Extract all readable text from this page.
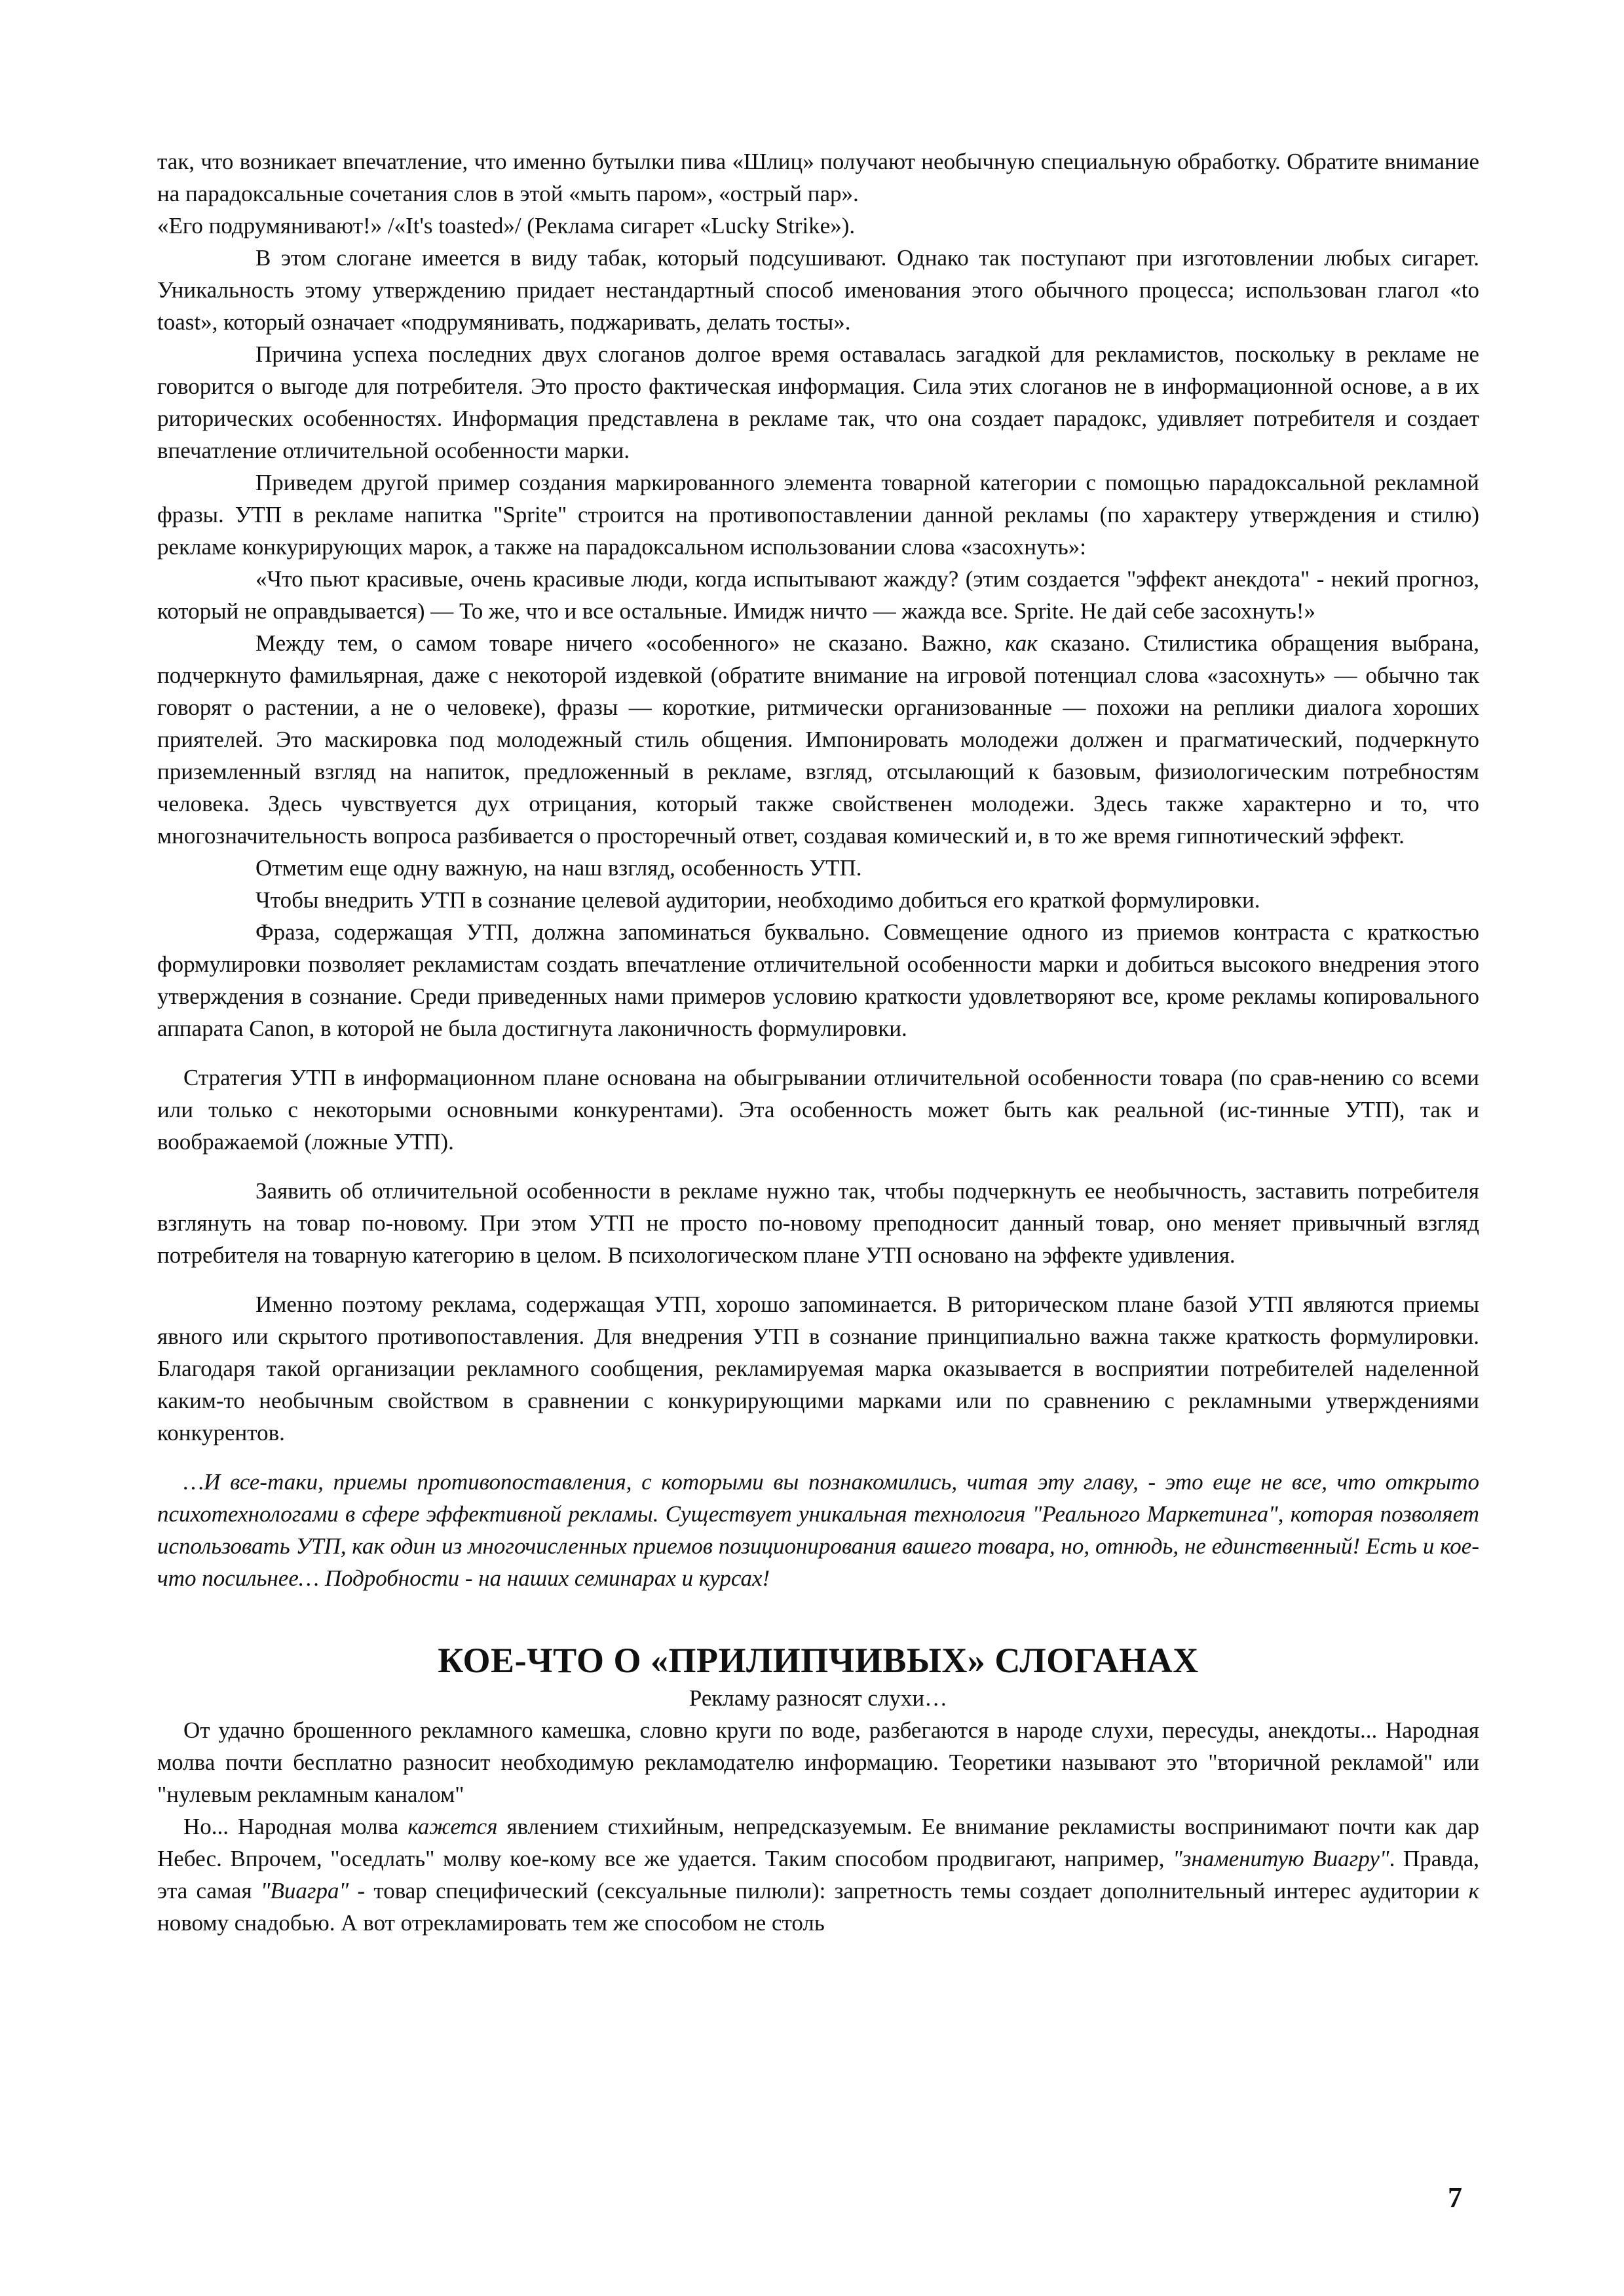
так, что возникает впечатление, что именно бутылки пива «Шлиц» получают необычную специальную обработку. Обратите внимание на парадоксальные сочетания слов в этой «мыть паром», «острый пар».

«Его подрумянивают!» /«It's toasted»/ (Реклама сигарет «Lucky Strike»).

В этом слогане имеется в виду табак, который подсушивают. Однако так поступают при изготовлении любых сигарет. Уникальность этому утверждению придает нестандартный способ именования этого обычного процесса; использован глагол «to toast», который означает «подрумянивать, поджаривать, делать тосты».

Причина успеха последних двух слоганов долгое время оставалась загадкой для рекламистов, поскольку в рекламе не говорится о выгоде для потребителя. Это просто фактическая информация. Сила этих слоганов не в информационной основе, а в их риторических особенностях. Информация представлена в рекламе так, что она создает парадокс, удивляет потребителя и создает впечатление отличительной особенности марки.

Приведем другой пример создания маркированного элемента товарной категории с помощью парадоксальной рекламной фразы. УТП в рекламе напитка "Sprite" строится на противопоставлении данной рекламы (по характеру утверждения и стилю) рекламе конкурирующих марок, а также на парадоксальном использовании слова «засохнуть»:

«Что пьют красивые, очень красивые люди, когда испытывают жажду? (этим создается "эффект анекдота" - некий прогноз, который не оправдывается) — То же, что и все остальные. Имидж ничто — жажда все. Sprite. Не дай себе засохнуть!»

Между тем, о самом товаре ничего «особенного» не сказано. Важно, как сказано. Стилистика обращения выбрана, подчеркнуто фамильярная, даже с некоторой издевкой (обратите внимание на игровой потенциал слова «засохнуть» — обычно так говорят о растении, а не о человеке), фразы — короткие, ритмически организованные — похожи на реплики диалога хороших приятелей. Это маскировка под молодежный стиль общения. Импонировать молодежи должен и прагматический, подчеркнуто приземленный взгляд на напиток, предложенный в рекламе, взгляд, отсылающий к базовым, физиологическим потребностям человека. Здесь чувствуется дух отрицания, который также свойственен молодежи. Здесь также характерно и то, что многозначительность вопроса разбивается о просторечный ответ, создавая комический и, в то же время гипнотический эффект.

Отметим еще одну важную, на наш взгляд, особенность УТП.

Чтобы внедрить УТП в сознание целевой аудитории, необходимо добиться его краткой формулировки.

Фраза, содержащая УТП, должна запоминаться буквально. Совмещение одного из приемов контраста с краткостью формулировки позволяет рекламистам создать впечатление отличительной особенности марки и добиться высокого внедрения этого утверждения в сознание. Среди приведенных нами примеров условию краткости удовлетворяют все, кроме рекламы копировального аппарата Canon, в которой не была достигнута лаконичность формулировки.

Стратегия УТП в информационном плане основана на обыгрывании отличительной особенности товара (по срав-нению со всеми или только с некоторыми основными конкурентами). Эта особенность может быть как реальной (ис-тинные УТП), так и воображаемой (ложные УТП).

Заявить об отличительной особенности в рекламе нужно так, чтобы подчеркнуть ее необычность, заставить потребителя взглянуть на товар по-новому. При этом УТП не просто по-новому преподносит данный товар, оно меняет привычный взгляд потребителя на товарную категорию в целом. В психологическом плане УТП основано на эффекте удивления.

Именно поэтому реклама, содержащая УТП, хорошо запоминается. В риторическом плане базой УТП являются приемы явного или скрытого противопоставления. Для внедрения УТП в сознание принципиально важна также краткость формулировки. Благодаря такой организации рекламного сообщения, рекламируемая марка оказывается в восприятии потребителей наделенной каким-то необычным свойством в сравнении с конкурирующими марками или по сравнению с рекламными утверждениями конкурентов.

…И все-таки, приемы противопоставления, с которыми вы познакомились, читая эту главу, - это еще не все, что открыто психотехнологами в сфере эффективной рекламы. Существует уникальная технология "Реального Маркетинга", которая позволяет использовать УТП, как один из многочисленных приемов позиционирования вашего товара, но, отнюдь, не единственный! Есть и кое-что посильнее… Подробности - на наших семинарах и курсах!

КОЕ-ЧТО О «ПРИЛИПЧИВЫХ» СЛОГАНАХ

Рекламу разносят слухи…

От удачно брошенного рекламного камешка, словно круги по воде, разбегаются в народе слухи, пересуды, анекдоты... Народная молва почти бесплатно разносит необходимую рекламодателю информацию. Теоретики называют это "вторичной рекламой" или "нулевым рекламным каналом"

Но... Народная молва кажется явлением стихийным, непредсказуемым. Ее внимание рекламисты воспринимают почти как дар Небес. Впрочем, "оседлать" молву кое-кому все же удается. Таким способом продвигают, например, "знаменитую Виагру". Правда, эта самая "Виагра" - товар специфический (сексуальные пилюли): запретность темы создает дополнительный интерес аудитории к новому снадобью. А вот отрекламировать тем же способом не столь

7
